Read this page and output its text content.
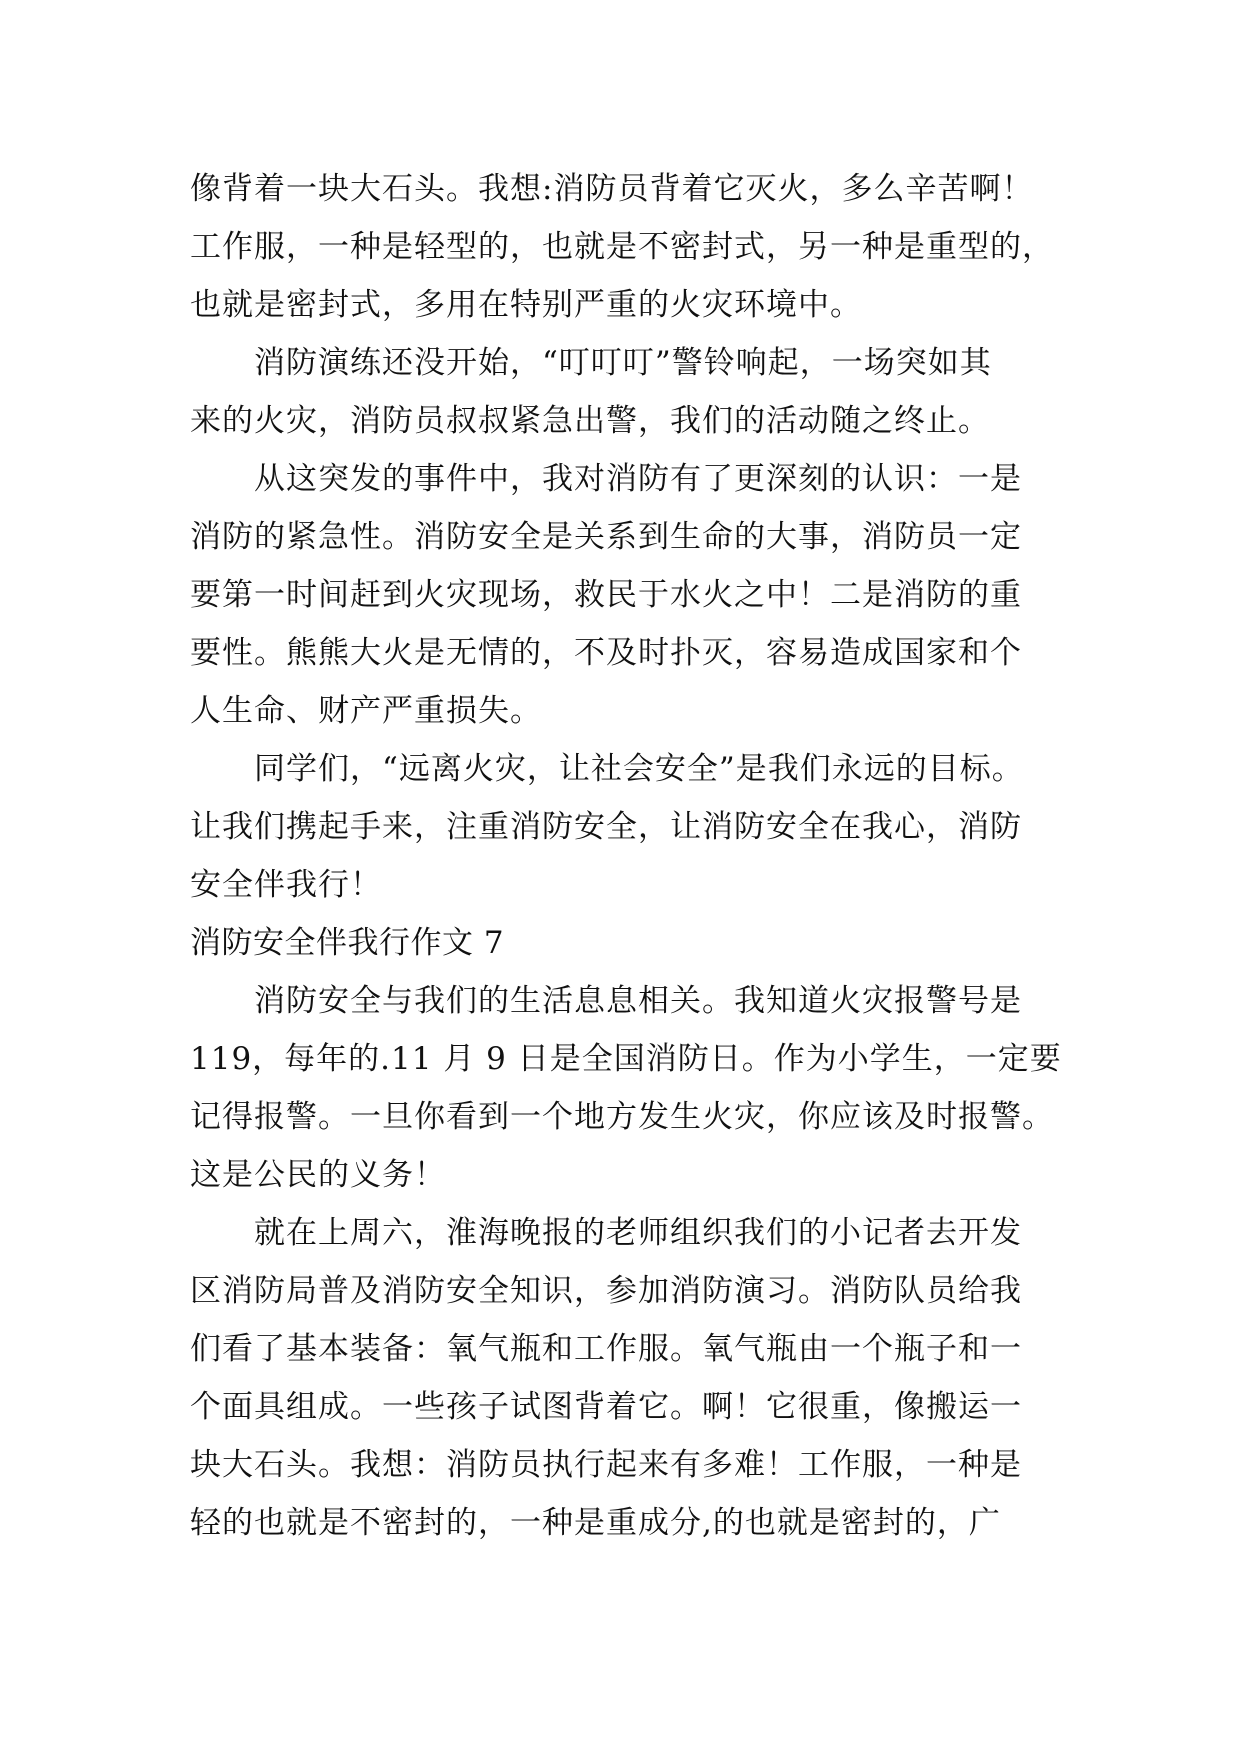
像背着一块大石头。我想:消防员背着它灭火，多么辛苦啊！
工作服，一种是轻型的，也就是不密封式，另一种是重型的，
也就是密封式，多用在特别严重的火灾环境中。
消防演练还没开始，“叮叮叮”警铃响起，一场突如其
来的火灾，消防员叔叔紧急出警，我们的活动随之终止。
从这突发的事件中，我对消防有了更深刻的认识：一是
消防的紧急性。消防安全是关系到生命的大事，消防员一定
要第一时间赶到火灾现场，救民于水火之中！二是消防的重
要性。熊熊大火是无情的，不及时扑灭，容易造成国家和个
人生命、财产严重损失。
同学们，“远离火灾，让社会安全”是我们永远的目标。
让我们携起手来，注重消防安全，让消防安全在我心，消防
安全伴我行！
消防安全伴我行作文 7
消防安全与我们的生活息息相关。我知道火灾报警号是
119，每年的.11 月 9 日是全国消防日。作为小学生，一定要
记得报警。一旦你看到一个地方发生火灾，你应该及时报警。
这是公民的义务！
就在上周六，淮海晚报的老师组织我们的小记者去开发
区消防局普及消防安全知识，参加消防演习。消防队员给我
们看了基本装备：氧气瓶和工作服。氧气瓶由一个瓶子和一
个面具组成。一些孩子试图背着它。啊！它很重，像搬运一
块大石头。我想：消防员执行起来有多难！工作服，一种是
轻的也就是不密封的，一种是重成分,的也就是密封的，广
